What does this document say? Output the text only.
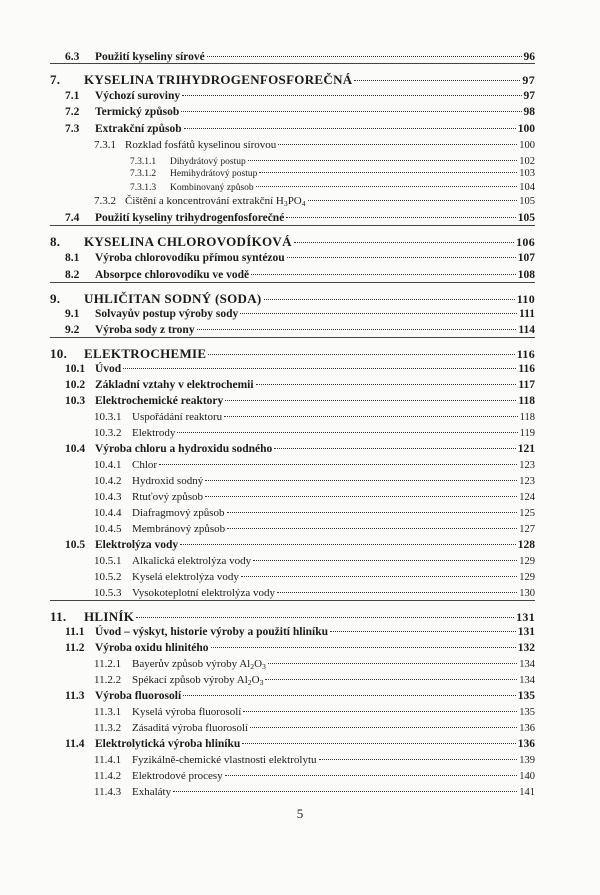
6.3	Použití kyseliny sírové	96
7.	KYSELINA TRIHYDROGENFOSFOREČNÁ	97
7.1	Výchozí suroviny	97
7.2	Termický způsob	98
7.3	Extrakční způsob	100
7.3.1 Rozklad fosfátů kyselinou sírovou	100
7.3.1.1	Dihydrátový postup	102
7.3.1.2	Hemihydrátový postup	103
7.3.1.3	Kombinovaný způsob	104
7.3.2 Čištění a koncentrování extrakční $H_3PO_4$	105
7.4	Použití kyseliny trihydrogenfosforečné	105
8.	KYSELINA CHLOROVODÍKOVÁ	106
8.1	Výroba chlorovodíku přímou syntézou	107
8.2	Absorpce chlorovodíku ve vodě	108
9.	UHLIČITAN SODNÝ (SODA)	110
9.1	Solvayův postup výroby sody	111
9.2	Výroba sody z trony	114
10.	ELEKTROCHEMIE	116
10.1 Úvod	116
10.2 Základní vztahy v elektrochemii	117
10.3 Elektrochemické reaktory	118
10.3.1 Uspořádání reaktoru	118
10.3.2 Elektrody	119
10.4 Výroba chloru a hydroxidu sodného	121
10.4.1 Chlor	123
10.4.2 Hydroxid sodný	123
10.4.3 Rtuťový způsob	124
10.4.4 Diafragmový způsob	125
10.4.5 Membránový způsob	127
10.5 Elektrolýza vody	128
10.5.1 Alkalická elektrolýza vody	129
10.5.2 Kyselá elektrolýza vody	129
10.5.3 Vysokoteplotní elektrolýza vody	130
11.	HLINÍK	131
11.1 Úvod – výskyt, historie výroby a použití hliníku	131
11.2 Výroba oxidu hlinitého	132
11.2.1 Bayerův způsob výroby $Al_2O_3$	134
11.2.2 Spékací způsob výroby $Al_2O_3$	134
11.3 Výroba fluorosolí	135
11.3.1 Kyselá výroba fluorosolí	135
11.3.2 Zásaditá výroba fluorosolí	136
11.4 Elektrolytická výroba hliníku	136
11.4.1 Fyzikálně-chemické vlastnosti elektrolytu	139
11.4.2 Elektrodové procesy	140
11.4.3 Exhaláty	141
5
